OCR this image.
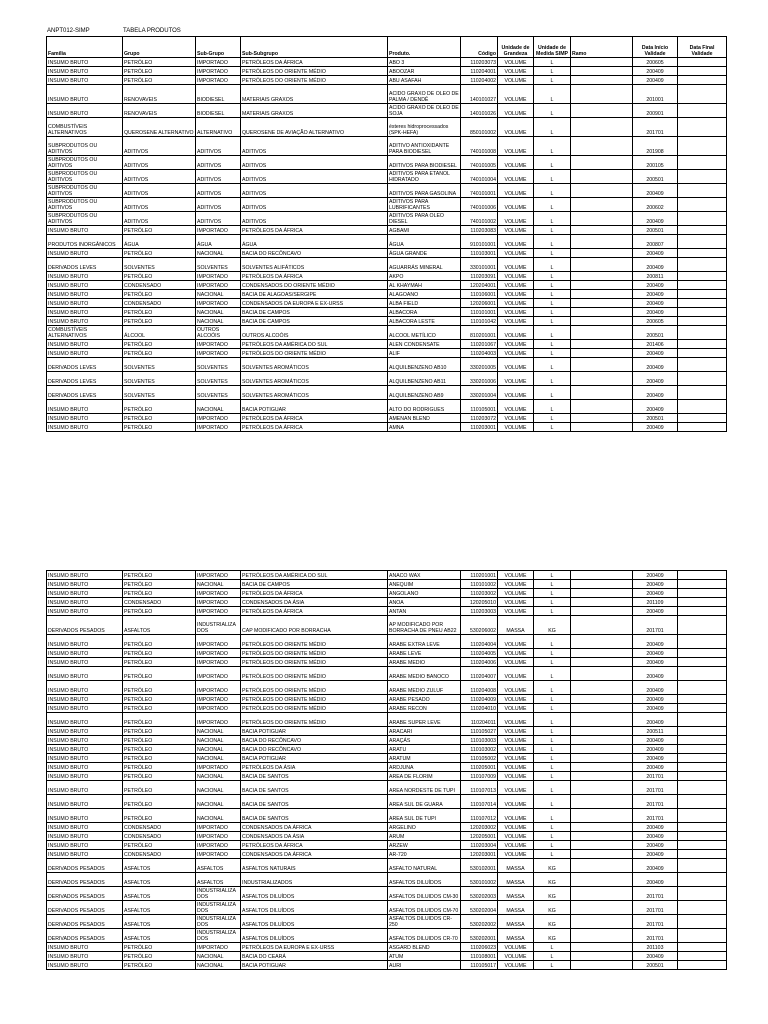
ANPT012-SIMP	TABELA PRODUTOS
Família	Grupo	Sub-Grupo	Sub-Subgrupo	Produto.	Código	Unidade de Grandeza	Unidade de Medida SIMP	Ramo	Data Início Validade	Data Final Validade
INSUMO BRUTO	PETRÓLEO	IMPORTADO	PETRÓLEOS DA ÁFRICA	ABO 3	110203073	VOLUME	L		200605	
INSUMO BRUTO	PETRÓLEO	IMPORTADO	PETRÓLEOS DO ORIENTE MÉDIO	ABOOZAR	110204001	VOLUME	L		200409	
INSUMO BRUTO	PETRÓLEO	IMPORTADO	PETRÓLEOS DO ORIENTE MÉDIO	ABU ASAFAH	110204002	VOLUME	L		200409	
INSUMO BRUTO	RENOVAVEIS	BIODIESEL	MATERIAIS GRAXOS	ACIDO GRAXO DE OLEO DE PALMA / DENDÊ	140101027	VOLUME	L		201001	
INSUMO BRUTO	RENOVAVEIS	BIODIESEL	MATERIAIS GRAXOS	ACIDO GRAXO DE OLEO DE SOJA	140101026	VOLUME	L		200901	
COMBUSTÍVEIS ALTERNATIVOS	QUEROSENE ALTERNATIVO	ALTERNATIVO	QUEROSENE DE AVIAÇÃO ALTERNATIVO	ésteres hidroprocessados (SPK-HEFA)	850101002	VOLUME	L		201701	
SUBPRODUTOS OU ADITIVOS	ADITIVOS	ADITIVOS	ADITIVOS	ADITIVO ANTIOXIDANTE PARA BIODIESEL	740101008	VOLUME	L		201908	
SUBPRODUTOS OU ADITIVOS	ADITIVOS	ADITIVOS	ADITIVOS	ADITIVOS PARA BIODIESEL	740101005	VOLUME	L		200105	
SUBPRODUTOS OU ADITIVOS	ADITIVOS	ADITIVOS	ADITIVOS	ADITIVOS PARA ETANOL HIDRATADO	740101004	VOLUME	L		200501	
SUBPRODUTOS OU ADITIVOS	ADITIVOS	ADITIVOS	ADITIVOS	ADITIVOS PARA GASOLINA	740101001	VOLUME	L		200409	
SUBPRODUTOS OU ADITIVOS	ADITIVOS	ADITIVOS	ADITIVOS	ADITIVOS PARA LUBRIFICANTES	740101006	VOLUME	L		200602	
SUBPRODUTOS OU ADITIVOS	ADITIVOS	ADITIVOS	ADITIVOS	ADITIVOS PARA OLEO DIESEL	740101002	VOLUME	L		200409	
INSUMO BRUTO	PETRÓLEO	IMPORTADO	PETRÓLEOS DA ÁFRICA	AGBAMI	110203083	VOLUME	L		200501	
PRODUTOS INORGÂNICOS	ÁGUA	ÁGUA	ÁGUA	ÁGUA	910101001	VOLUME	L		200807	
INSUMO BRUTO	PETRÓLEO	NACIONAL	BACIA DO RECÔNCAVO	ÁGUA GRANDE	110103001	VOLUME	L		200409	
DERIVADOS LEVES	SOLVENTES	SOLVENTES	SOLVENTES ALIFÁTICOS	AGUARRÁS MINERAL	330101001	VOLUME	L		200409	
INSUMO BRUTO	PETRÓLEO	IMPORTADO	PETRÓLEOS DA ÁFRICA	AKPO	110203091	VOLUME	L		200811	
INSUMO BRUTO	CONDENSADO	IMPORTADO	CONDENSADOS DO ORIENTE MÉDIO	AL KHAYMAH	120204001	VOLUME	L		200409	
INSUMO BRUTO	PETRÓLEO	NACIONAL	BACIA DE ALAGOAS/SERGIPE	ALAGOANO	110106001	VOLUME	L		200409	
INSUMO BRUTO	CONDENSADO	IMPORTADO	CONDENSADOS DA EUROPA E EX-URSS	ALBA FIELD	120206001	VOLUME	L		200409	
INSUMO BRUTO	PETRÓLEO	NACIONAL	BACIA DE CAMPOS	ALBACORA	110101001	VOLUME	L		200409	
INSUMO BRUTO	PETRÓLEO	NACIONAL	BACIA DE CAMPOS	ALBACORA LESTE	110101042	VOLUME	L		200605	
COMBUSTÍVEIS ALTERNATIVOS	ÁLCOOL	OUTROS ALCOÓIS	OUTROS ALCOÓIS	ALCOOL METÍLICO	810201001	VOLUME	L		200501	
INSUMO BRUTO	PETRÓLEO	IMPORTADO	PETRÓLEOS DA AMÉRICA DO SUL	ALEN CONDENSATE	110201067	VOLUME	L		201406	
INSUMO BRUTO	PETRÓLEO	IMPORTADO	PETRÓLEOS DO ORIENTE MÉDIO	ALIF	110204003	VOLUME	L		200409	
DERIVADOS LEVES	SOLVENTES	SOLVENTES	SOLVENTES AROMÁTICOS	ALQUILBENZENO AB10	330201005	VOLUME	L		200409	
DERIVADOS LEVES	SOLVENTES	SOLVENTES	SOLVENTES AROMÁTICOS	ALQUILBENZENO AB11	330201006	VOLUME	L		200409	
DERIVADOS LEVES	SOLVENTES	SOLVENTES	SOLVENTES AROMÁTICOS	ALQUILBENZENO AB9	330201004	VOLUME	L		200409	
INSUMO BRUTO	PETRÓLEO	NACIONAL	BACIA POTIGUAR	ALTO DO RODRIGUES	110105001	VOLUME	L		200409	
INSUMO BRUTO	PETRÓLEO	IMPORTADO	PETRÓLEOS DA ÁFRICA	AMENAN BLEND	110203072	VOLUME	L		200501	
INSUMO BRUTO	PETRÓLEO	IMPORTADO	PETRÓLEOS DA ÁFRICA	AMNA	110203001	VOLUME	L		200409	
INSUMO BRUTO	PETRÓLEO	IMPORTADO	PETRÓLEOS DA AMÉRICA DO SUL	ANACO WAX	110201001	VOLUME	L		200409	
INSUMO BRUTO	PETRÓLEO	NACIONAL	BACIA DE CAMPOS	ANEQUIM	110101002	VOLUME	L		200409	
INSUMO BRUTO	PETRÓLEO	IMPORTADO	PETRÓLEOS DA ÁFRICA	ANGOLANO	110203002	VOLUME	L		200409	
INSUMO BRUTO	CONDENSADO	IMPORTADO	CONDENSADOS DA ÁSIA	ANOA	120205010	VOLUME	L		201109	
INSUMO BRUTO	PETRÓLEO	IMPORTADO	PETRÓLEOS DA ÁFRICA	ANTAN	110203003	VOLUME	L		200409	
DERIVADOS PESADOS	ASFALTOS	INDUSTRIALIZADOS	CAP MODIFICADO POR BORRACHA	AP MODIFICADO POR BORRACHA DE PNEU AB22	530206002	MASSA	KG		201701	
INSUMO BRUTO	PETRÓLEO	IMPORTADO	PETRÓLEOS DO ORIENTE MÉDIO	ARABE EXTRA LEVE	110204004	VOLUME	L		200409	
INSUMO BRUTO	PETRÓLEO	IMPORTADO	PETRÓLEOS DO ORIENTE MÉDIO	ARABE LEVE	110204005	VOLUME	L		200409	
INSUMO BRUTO	PETRÓLEO	IMPORTADO	PETRÓLEOS DO ORIENTE MÉDIO	ARABE MEDIO	110204006	VOLUME	L		200409	
INSUMO BRUTO	PETRÓLEO	IMPORTADO	PETRÓLEOS DO ORIENTE MÉDIO	ARABE MEDIO BANOCO	110204007	VOLUME	L		200409	
INSUMO BRUTO	PETRÓLEO	IMPORTADO	PETRÓLEOS DO ORIENTE MÉDIO	ARABE MEDIO ZULUF	110204008	VOLUME	L		200409	
INSUMO BRUTO	PETRÓLEO	IMPORTADO	PETRÓLEOS DO ORIENTE MÉDIO	ARABE PESADO	110204009	VOLUME	L		200409	
INSUMO BRUTO	PETRÓLEO	IMPORTADO	PETRÓLEOS DO ORIENTE MÉDIO	ARABE RECON	110204010	VOLUME	L		200409	
INSUMO BRUTO	PETRÓLEO	IMPORTADO	PETRÓLEOS DO ORIENTE MÉDIO	ARABE SUPER LEVE	110204011	VOLUME	L		200409	
INSUMO BRUTO	PETRÓLEO	NACIONAL	BACIA POTIGUAR	ARACARI	110105027	VOLUME	L		200511	
INSUMO BRUTO	PETRÓLEO	NACIONAL	BACIA DO RECÔNCAVO	ARAÇÁS	110103003	VOLUME	L		200409	
INSUMO BRUTO	PETRÓLEO	NACIONAL	BACIA DO RECÔNCAVO	ARATU	110103002	VOLUME	L		200409	
INSUMO BRUTO	PETRÓLEO	NACIONAL	BACIA POTIGUAR	ARATUM	110105002	VOLUME	L		200409	
INSUMO BRUTO	PETRÓLEO	IMPORTADO	PETRÓLEOS DA ÁSIA	ARDJUNA	110205001	VOLUME	L		200409	
INSUMO BRUTO	PETRÓLEO	NACIONAL	BACIA DE SANTOS	AREA DE FLORIM	110107009	VOLUME	L		201701	
INSUMO BRUTO	PETRÓLEO	NACIONAL	BACIA DE SANTOS	AREA NORDESTE DE TUPI	110107013	VOLUME	L		201701	
INSUMO BRUTO	PETRÓLEO	NACIONAL	BACIA DE SANTOS	AREA SUL DE GUARA	110107014	VOLUME	L		201701	
INSUMO BRUTO	PETRÓLEO	NACIONAL	BACIA DE SANTOS	AREA SUL DE TUPI	110107012	VOLUME	L		201701	
INSUMO BRUTO	CONDENSADO	IMPORTADO	CONDENSADOS DA ÁFRICA	ARGELINO	120203002	VOLUME	L		200409	
INSUMO BRUTO	CONDENSADO	IMPORTADO	CONDENSADOS DA ÁSIA	ARUM	120205001	VOLUME	L		200409	
INSUMO BRUTO	PETRÓLEO	IMPORTADO	PETRÓLEOS DA ÁFRICA	ARZEW	110203004	VOLUME	L		200409	
INSUMO BRUTO	CONDENSADO	IMPORTADO	CONDENSADOS DA ÁFRICA	AR-720	120203001	VOLUME	L		200409	
DERIVADOS PESADOS	ASFALTOS	ASFALTOS	ASFALTOS NATURAIS	ASFALTO NATURAL	530102001	MASSA	KG		200409	
DERIVADOS PESADOS	ASFALTOS	ASFALTOS	INDUSTRIALIZADOS	ASFALTOS DILUÍDOS	530101002	MASSA	KG		200409	
DERIVADOS PESADOS	ASFALTOS	INDUSTRIALIZADOS	ASFALTOS DILUÍDOS	ASFALTOS DILUIDOS CM-30	530202003	MASSA	KG		201701	
DERIVADOS PESADOS	ASFALTOS	INDUSTRIALIZADOS	ASFALTOS DILUÍDOS	ASFALTOS DILUIDOS CM-70	530202004	MASSA	KG		201701	
DERIVADOS PESADOS	ASFALTOS	INDUSTRIALIZADOS	ASFALTOS DILUÍDOS	ASFALTOS DILUIDOS CR-250	530202002	MASSA	KG		201701	
DERIVADOS PESADOS	ASFALTOS	INDUSTRIALIZADOS	ASFALTOS DILUÍDOS	ASFALTOS DILUIDOS CR-70	530202001	MASSA	KG		201701	
INSUMO BRUTO	PETRÓLEO	IMPORTADO	PETRÓLEOS DA EUROPA E EX-URSS	ASGARD BLEND	110206023	VOLUME	L		201103	
INSUMO BRUTO	PETRÓLEO	NACIONAL	BACIA DO CEARÁ	ATUM	110108001	VOLUME	L		200409	
INSUMO BRUTO	PETRÓLEO	NACIONAL	BACIA POTIGUAR	AURI	110105017	VOLUME	L		200501	
